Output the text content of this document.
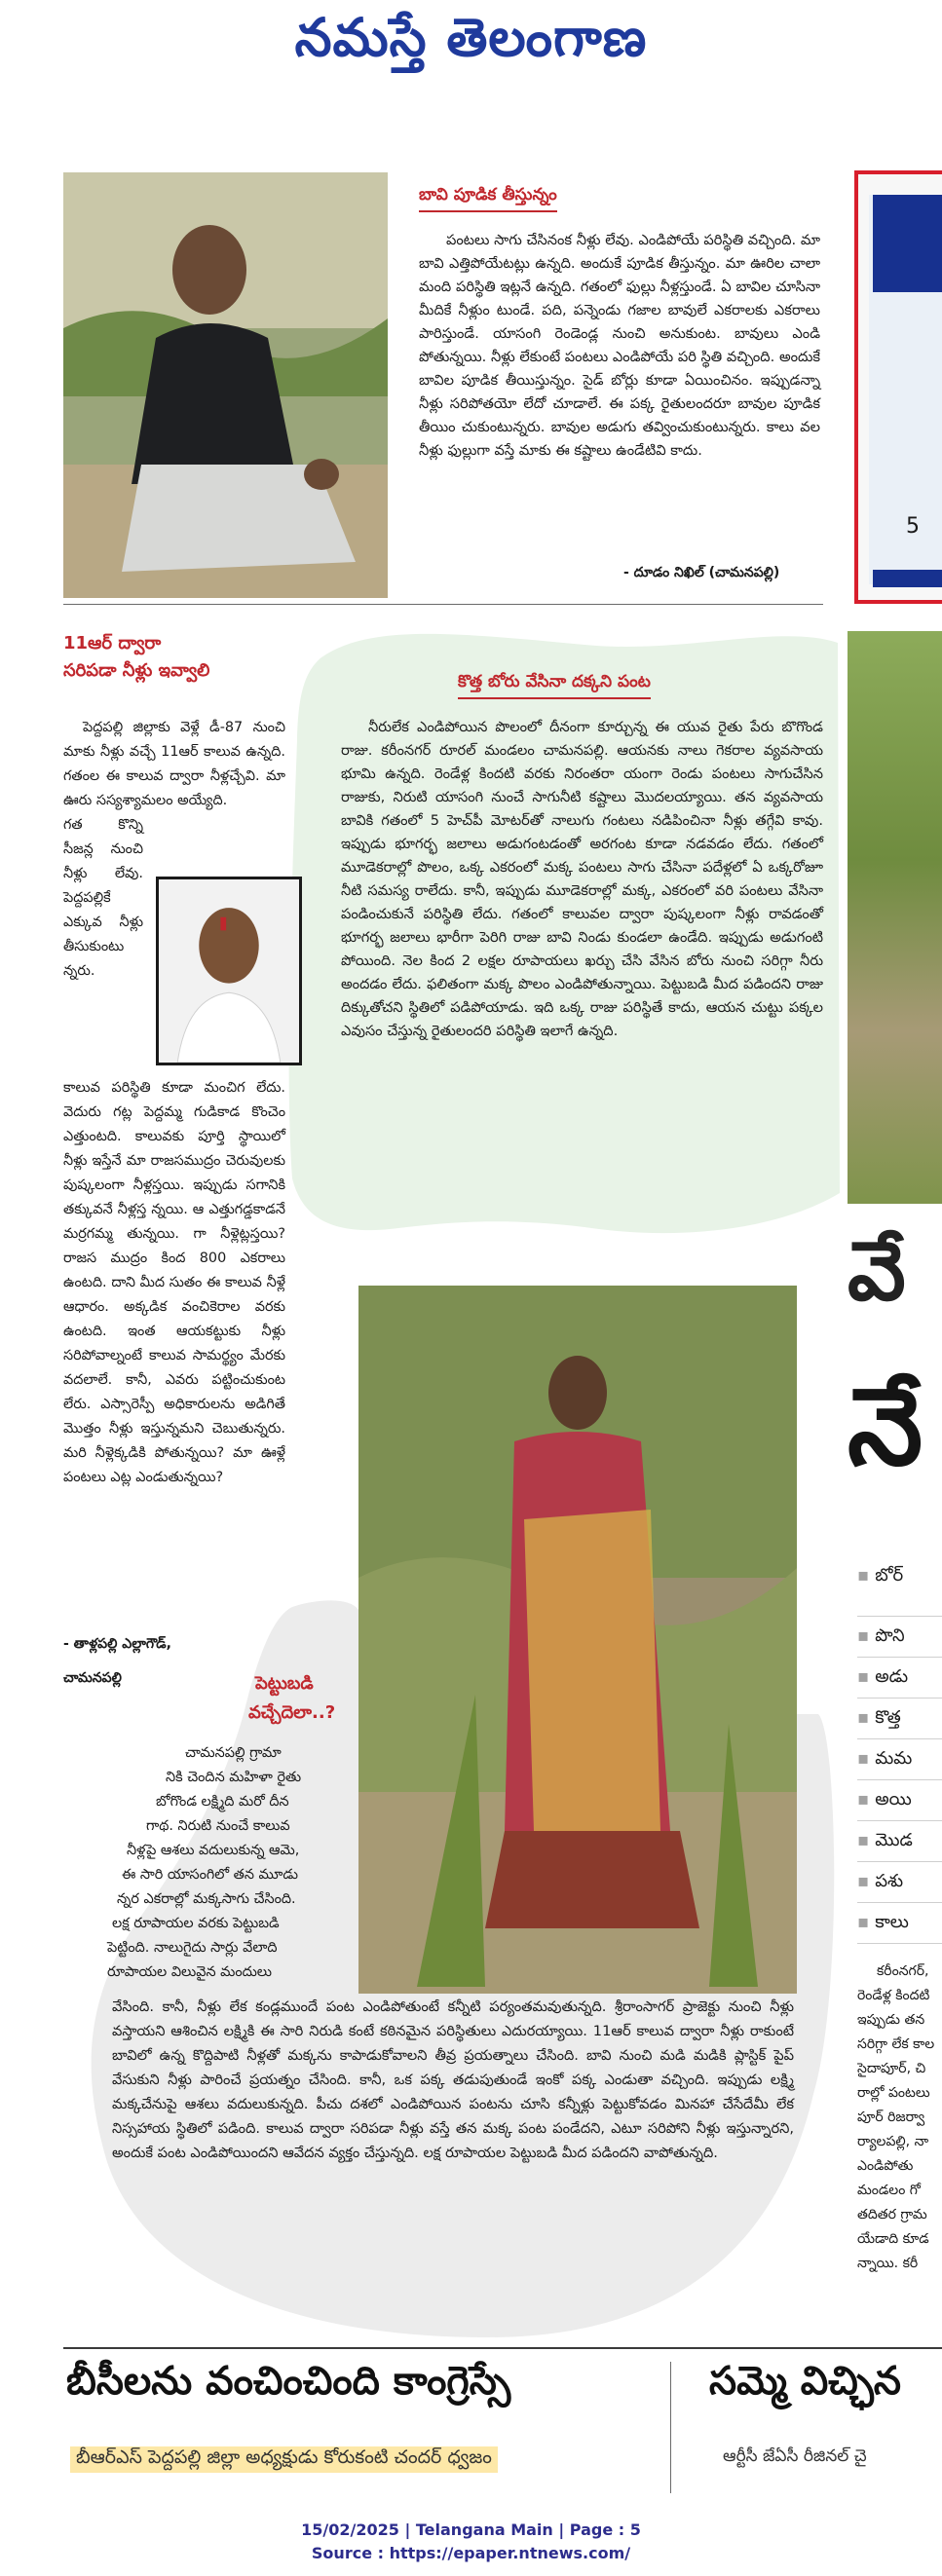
నమస్తే తెలంగాణ
బావి పూడిక తీస్తున్నం
పంటలు సాగు చేసినంక నీళ్లు లేవు. ఎండిపోయే పరిస్థితి వచ్చింది. మా బావి ఎత్తిపోయేటట్లు ఉన్నది. అందుకే పూడిక తీస్తున్నం. మా ఊరిల చాలా మంది పరిస్థితి ఇట్లనే ఉన్నది. గతంలో ఫుల్లు నీళ్లస్తుండే. ఏ బావిల చూసినా మీదికే నీళ్లుం టుండే. పది, పన్నెండు గజాల బావులే ఎకరాలకు ఎకరాలు పారిస్తుండే. యాసంగి రెండెండ్ల నుంచి అనుకుంట. బావులు ఎండి పోతున్నయి. నీళ్లు లేకుంటే పంటలు ఎండిపోయే పరి స్థితి వచ్చింది. అందుకే బావిల పూడిక తీయిస్తున్నం. సైడ్ బోర్లు కూడా ఏయించినం. ఇప్పుడన్నా నీళ్లు సరిపోతయో లేదో చూడాలే. ఈ పక్క రైతులందరూ బావుల పూడిక తీయిం చుకుంటున్నరు. బావుల అడుగు తవ్వించుకుంటున్నరు. కాలు వల నీళ్లు ఫుల్లుగా వస్తే మాకు ఈ కష్టాలు ఉండేటివి కాదు.
- దూడం నిఖిల్ (చామనపల్లి)
11ఆర్ ద్వారా
సరిపడా నీళ్లు ఇవ్వాలి
పెద్దపల్లి జిల్లాకు వెళ్లే డీ-87 నుంచి మాకు నీళ్లు వచ్చే 11ఆర్ కాలువ ఉన్నది. గతంల ఈ కాలువ ద్వారా నీళ్లచ్చేవి. మా ఊరు సస్యశ్యామలం అయ్యేది.
గత కొన్ని సీజన్ల నుంచి నీళ్లు లేవు. పెద్దపల్లికే ఎక్కువ నీళ్లు తీసుకుంటు న్నరు.
కాలువ పరిస్థితి కూడా మంచిగ లేదు. వెదురు గట్ల పెద్దమ్మ గుడికాడ కొంచెం ఎత్తుంటది. కాలువకు పూర్తి స్థాయిలో నీళ్లు ఇస్తేనే మా రాజసముద్రం చెరువులకు పుష్కలంగా నీళ్లస్తయి. ఇప్పుడు సగానికి తక్కువనే నీళ్లస్త న్నయి. ఆ ఎత్తుగడ్డకాడనే మర్రగమ్మ తున్నయి. గా నీళ్లెట్లస్తయి? రాజస ముద్రం కింద 800 ఎకరాలు ఉంటది. దాని మీద సుతం ఈ కాలువ నీళ్లే ఆధారం. అక్కడిక వంచికెరాల వరకు ఉంటది. ఇంత ఆయకట్టుకు నీళ్లు సరిపోవాల్నంటే కాలువ సామర్థ్యం మేరకు వదలాలే. కానీ, ఎవరు పట్టించుకుంట లేరు. ఎస్సారెస్పీ అధికారులను అడిగితే మొత్తం నీళ్లు ఇస్తున్నమని చెబుతున్నరు. మరి నీళ్లెక్కడికి పోతున్నయి? మా ఊళ్లే పంటలు ఎట్ల ఎండుతున్నయి?
- తాళ్లపల్లి ఎల్లాగౌడ్,
చామనపల్లి
కొత్త బోరు వేసినా దక్కని పంట
నీరులేక ఎండిపోయిన పొలంలో దీనంగా కూర్చున్న ఈ యువ రైతు పేరు బొగొండ రాజు. కరీంనగర్ రూరల్ మండలం చామనపల్లి. ఆయనకు నాలు గెకరాల వ్యవసాయ భూమి ఉన్నది. రెండేళ్ల కిందటి వరకు నిరంతరా యంగా రెండు పంటలు సాగుచేసిన రాజుకు, నిరుటి యాసంగి నుంచే సాగునీటి కష్టాలు మొదలయ్యాయి. తన వ్యవసాయ బావికి గతంలో 5 హెచ్‌పీ మోటర్‌తో నాలుగు గంటలు నడిపించినా నీళ్లు తగ్గేవి కావు. ఇప్పుడు భూగర్భ జలాలు అడుగంటడంతో అరగంట కూడా నడవడం లేదు. గతంలో మూడెకరాల్లో పొలం, ఒక్క ఎకరంలో మక్క పంటలు సాగు చేసినా పదేళ్లలో ఏ ఒక్కరోజూ నీటి సమస్య రాలేదు. కానీ, ఇప్పుడు మూడెకరాల్లో మక్క, ఎకరంలో వరి పంటలు వేసినా పండించుకునే పరిస్థితి లేదు. గతంలో కాలువల ద్వారా పుష్కలంగా నీళ్లు రావడంతో భూగర్భ జలాలు భారీగా పెరిగి రాజు బావి నిండు కుండలా ఉండేది. ఇప్పుడు అడుగంటి పోయింది. నెల కింద 2 లక్షల రూపాయలు ఖర్చు చేసి వేసిన బోరు నుంచి సరిగ్గా నీరు అందడం లేదు. ఫలితంగా మక్క పొలం ఎండిపోతున్నాయి. పెట్టుబడి మీద పడిందని రాజు దిక్కుతోచని స్థితిలో పడిపోయాడు. ఇది ఒక్క రాజు పరిస్థితే కాదు, ఆయన చుట్టు పక్కల ఎవుసం చేస్తున్న రైతులందరి పరిస్థితి ఇలాగే ఉన్నది.
పెట్టుబడి
వచ్చేదెలా..?
చామనపల్లి గ్రామా
నికి చెందిన మహిళా రైతు
బోగొండ లక్ష్మిది మరో దీన
గాథ. నిరుటి నుంచే కాలువ
నీళ్లపై ఆశలు వదులుకున్న ఆమె,
ఈ సారి యాసంగిలో తన మూడు
న్నర ఎకరాల్లో మక్కసాగు చేసింది.
లక్ష రూపాయల వరకు పెట్టుబడి
పెట్టింది. నాలుగైదు సార్లు వేలాది
రూపాయల విలువైన మందులు
వేసింది. కానీ, నీళ్లు లేక కండ్లముందే పంట ఎండిపోతుంటే కన్నీటి పర్యంతమవుతున్నది. శ్రీరాంసాగర్ ప్రాజెక్టు నుంచి నీళ్లు వస్తాయని ఆశించిన లక్ష్మికి ఈ సారి నిరుడి కంటే కఠినమైన పరిస్థితులు ఎదురయ్యాయి. 11ఆర్ కాలువ ద్వారా నీళ్లు రాకుంటే బావిలో ఉన్న కొద్దిపాటి నీళ్లతో మక్కను కాపాడుకోవాలని తీవ్ర ప్రయత్నాలు చేసింది. బావి నుంచి మడి మడికి ప్లాస్టిక్ పైప్ వేసుకుని నీళ్లు పారించే ప్రయత్నం చేసింది. కానీ, ఒక పక్క తడుపుతుండే ఇంకో పక్క ఎండుతా వచ్చింది. ఇప్పుడు లక్ష్మి మక్కచేనుపై ఆశలు వదులుకున్నది. పీచు దశలో ఎండిపోయిన పంటను చూసి కన్నీళ్లు పెట్టుకోవడం మినహా చేసేదేమీ లేక నిస్సహాయ స్థితిలో పడింది. కాలువ ద్వారా సరిపడా నీళ్లు వస్తే తన మక్క పంట పండేదని, ఎటూ సరిపోని నీళ్లు ఇస్తున్నారని, అందుకే పంట ఎండిపోయిందని ఆవేదన వ్యక్తం చేస్తున్నది. లక్ష రూపాయల పెట్టుబడి మీద పడిందని వాపోతున్నది.
5
వే
నే
▪ బోర్
▪ పొని
▪ అడు
▪ కొత్త
▪ మమ
▪ అయి
▪ మొడ
▪ పశు
▪ కాలు
కరీంనగర్,
రెండేళ్ల కిందటి
ఇప్పుడు తన
సరిగ్గా లేక కాల
సైదాపూర్, చి
రాల్లో పంటలు
పూర్ రిజర్వా
ర్యాలపల్లి, నా
ఎండిపోతు
మండలం గో
తదితర గ్రామ
యేడాది కూడ
న్నాయి. కరీ
బీసీలను వంచించింది కాంగ్రెస్సే
బీఆర్‌ఎస్ పెద్దపల్లి జిల్లా అధ్యక్షుడు కోరుకంటి చందర్ ధ్వజం
సమ్మె విచ్ఛిన
ఆర్టీసీ జేఏసీ రీజినల్ చై
15/02/2025 | Telangana Main | Page : 5
Source : https://epaper.ntnews.com/
